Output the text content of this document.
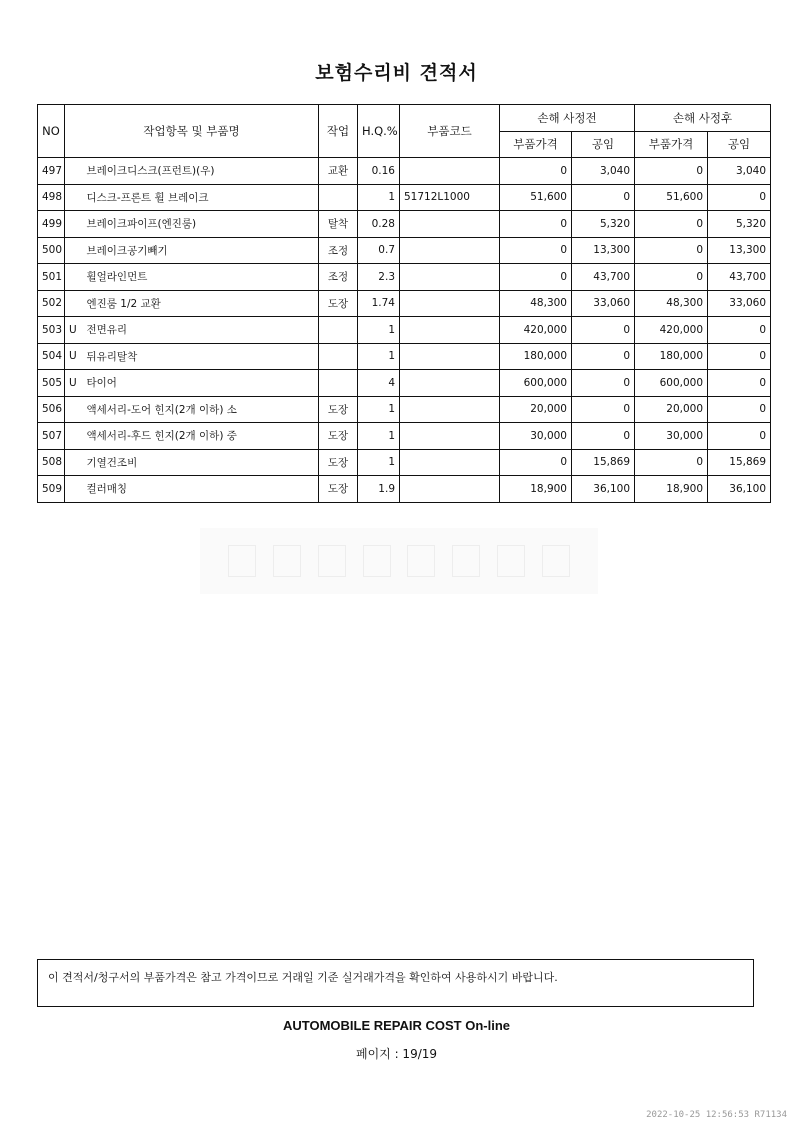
보험수리비 견적서
NO	작업항목 및 부품명		작업	H.Q.%	부품코드	손해 사정전		손해 사정후	
						부품가격	공임	부품가격	공임
497		브레이크디스크(프런트)(우)	교환	0.16		0	3,040	0	3,040
498		디스크-프론트 휠 브레이크		1	51712L1000	51,600	0	51,600	0
499		브레이크파이프(엔진룸)	탈착	0.28		0	5,320	0	5,320
500		브레이크공기빼기	조정	0.7		0	13,300	0	13,300
501		휠얼라인먼트	조정	2.3		0	43,700	0	43,700
502		엔진룸 1/2 교환	도장	1.74		48,300	33,060	48,300	33,060
503	U	전면유리		1		420,000	0	420,000	0
504	U	뒤유리탈착		1		180,000	0	180,000	0
505	U	타이어		4		600,000	0	600,000	0
506		액세서리-도어 힌지(2개 이하) 소	도장	1		20,000	0	20,000	0
507		액세서리-후드 힌지(2개 이하) 중	도장	1		30,000	0	30,000	0
508		기열건조비	도장	1		0	15,869	0	15,869
509		컬러매칭	도장	1.9		18,900	36,100	18,900	36,100
이 견적서/청구서의 부품가격은 참고 가격이므로 거래일 기준 실거래가격을 확인하여 사용하시기 바랍니다.
AUTOMOBILE REPAIR COST On-line
페이지 : 19/19
2022-10-25 12:56:53 R71134
